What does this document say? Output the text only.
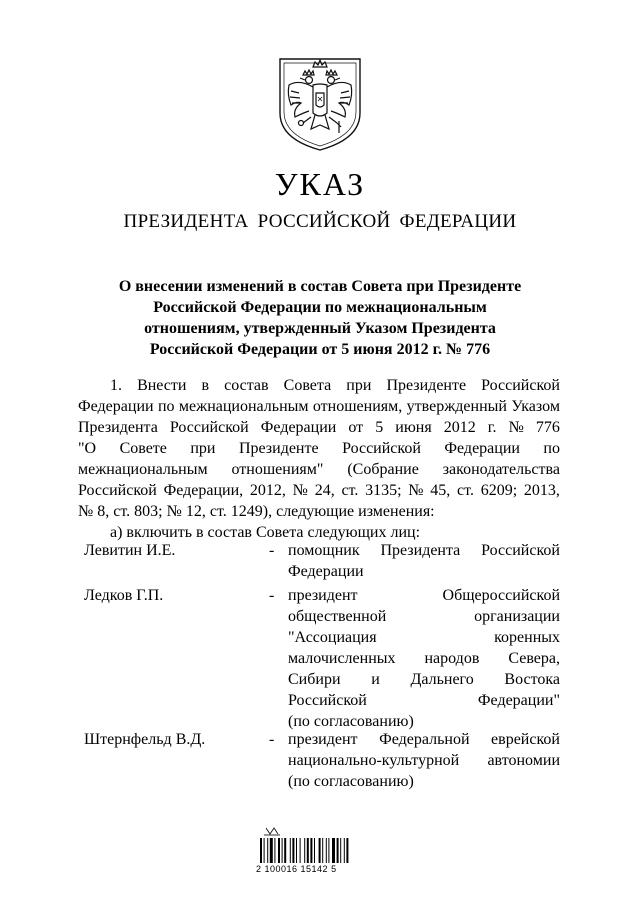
УКАЗ
ПРЕЗИДЕНТА РОССИЙСКОЙ ФЕДЕРАЦИИ
О внесении изменений в состав Совета при Президенте
Российской Федерации по межнациональным
отношениям, утвержденный Указом Президента
Российской Федерации от 5 июня 2012 г. № 776
1. Внести в состав Совета при Президенте Российской
Федерации по межнациональным отношениям, утвержденный Указом
Президента Российской Федерации от 5 июня 2012 г. № 776
"О Совете при Президенте Российской Федерации по
межнациональным отношениям" (Собрание законодательства
Российской Федерации, 2012, № 24, ст. 3135; № 45, ст. 6209; 2013,
№ 8, ст. 803; № 12, ст. 1249), следующие изменения:
а) включить в состав Совета следующих лиц:
Левитин И.Е.	- помощник Президента Российской
Федерации
Ледков Г.П.	- президент	Общероссийской
общественной	организации
"Ассоциация	коренных
малочисленных народов Севера,
Сибири и Дальнего Востока
Российской	Федерации"
(по согласованию)
Штернфельд В.Д.	- президент Федеральной еврейской
национально-культурной автономии
(по согласованию)
2 100016 15142 5
